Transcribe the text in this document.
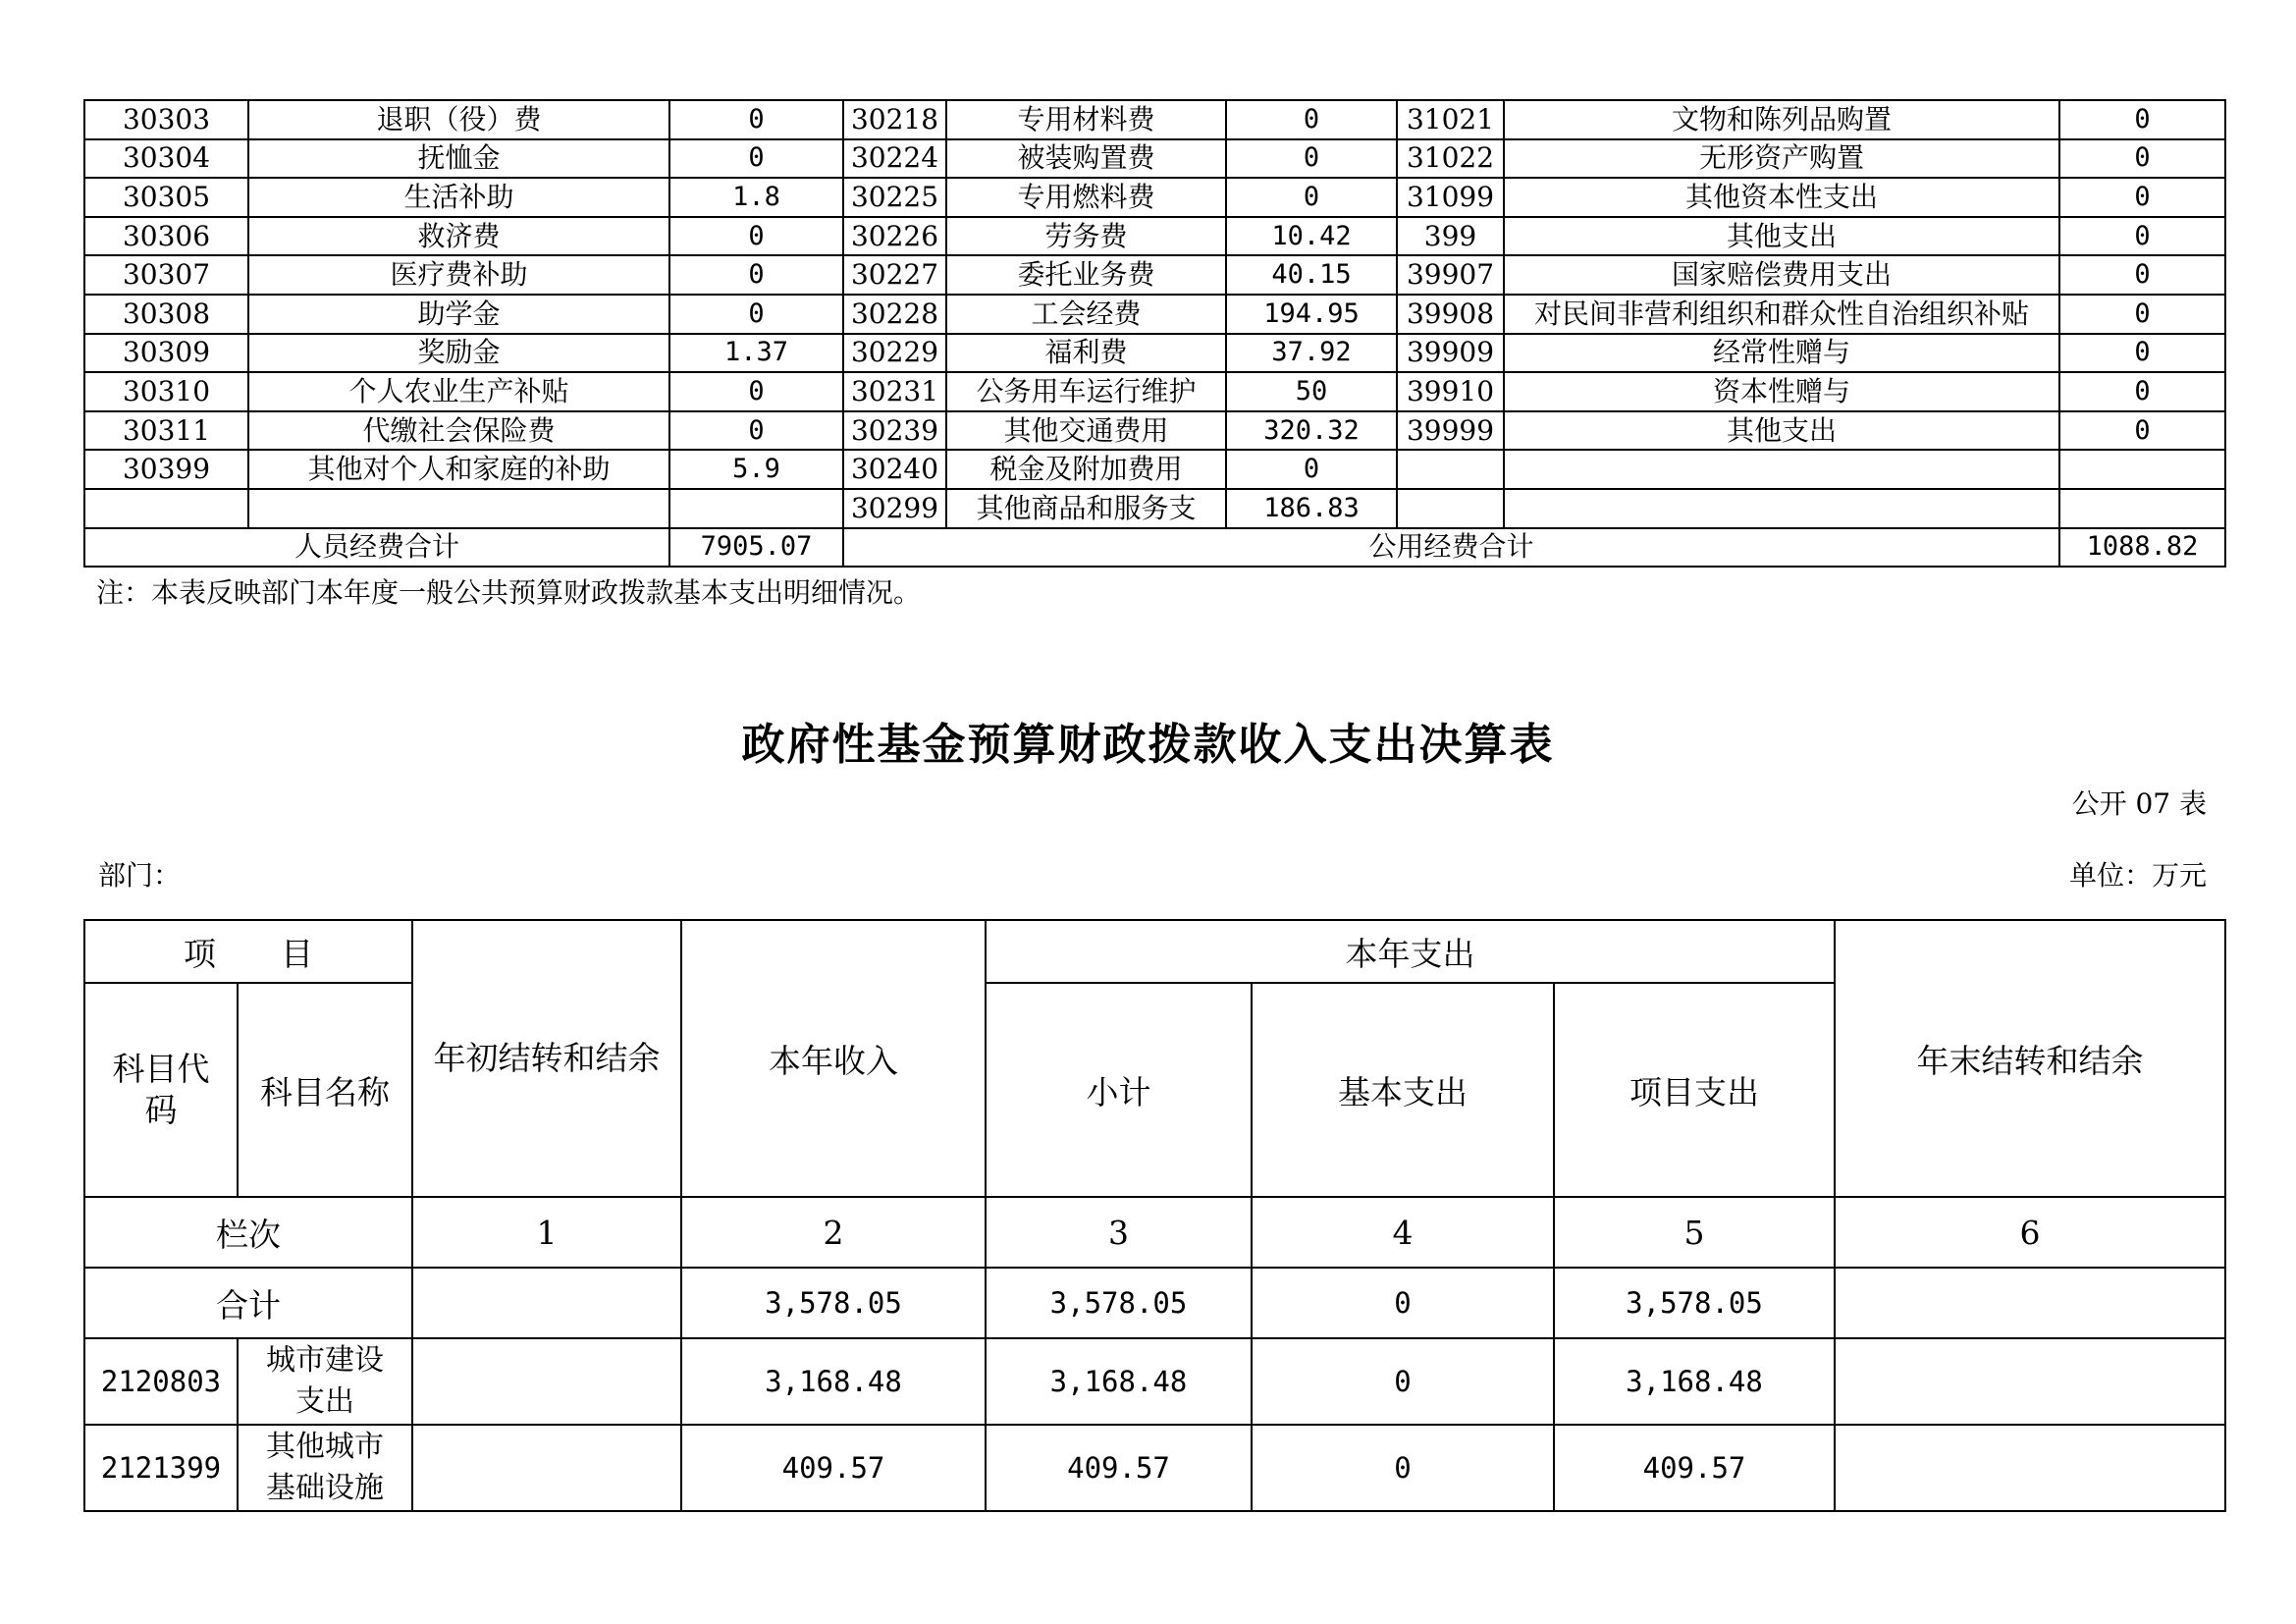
30303	退职（役）费	0	30218	专用材料费	0	31021	文物和陈列品购置	0
30304	抚恤金	0	30224	被装购置费	0	31022	无形资产购置	0
30305	生活补助	1.8	30225	专用燃料费	0	31099	其他资本性支出	0
30306	救济费	0	30226	劳务费	10.42	399	其他支出	0
30307	医疗费补助	0	30227	委托业务费	40.15	39907	国家赔偿费用支出	0
30308	助学金	0	30228	工会经费	194.95	39908	对民间非营利组织和群众性自治组织补贴	0
30309	奖励金	1.37	30229	福利费	37.92	39909	经常性赠与	0
30310	个人农业生产补贴	0	30231	公务用车运行维护	50	39910	资本性赠与	0
30311	代缴社会保险费	0	30239	其他交通费用	320.32	39999	其他支出	0
30399	其他对个人和家庭的补助	5.9	30240	税金及附加费用	0			
			30299	其他商品和服务支	186.83			
人员经费合计		7905.07	公用经费合计					1088.82
注：本表反映部门本年度一般公共预算财政拨款基本支出明细情况。
政府性基金预算财政拨款收入支出决算表
公开 07 表
部门：	单位：万元
项　　目		年初结转和结余	本年收入	本年支出			年末结转和结余
科目代码	科目名称			小计	基本支出	项目支出	
栏次		1	2	3	4	5	6
合计			3,578.05	3,578.05	0	3,578.05	
2120803	城市建设支出		3,168.48	3,168.48	0	3,168.48	
2121399	其他城市基础设施		409.57	409.57	0	409.57	
